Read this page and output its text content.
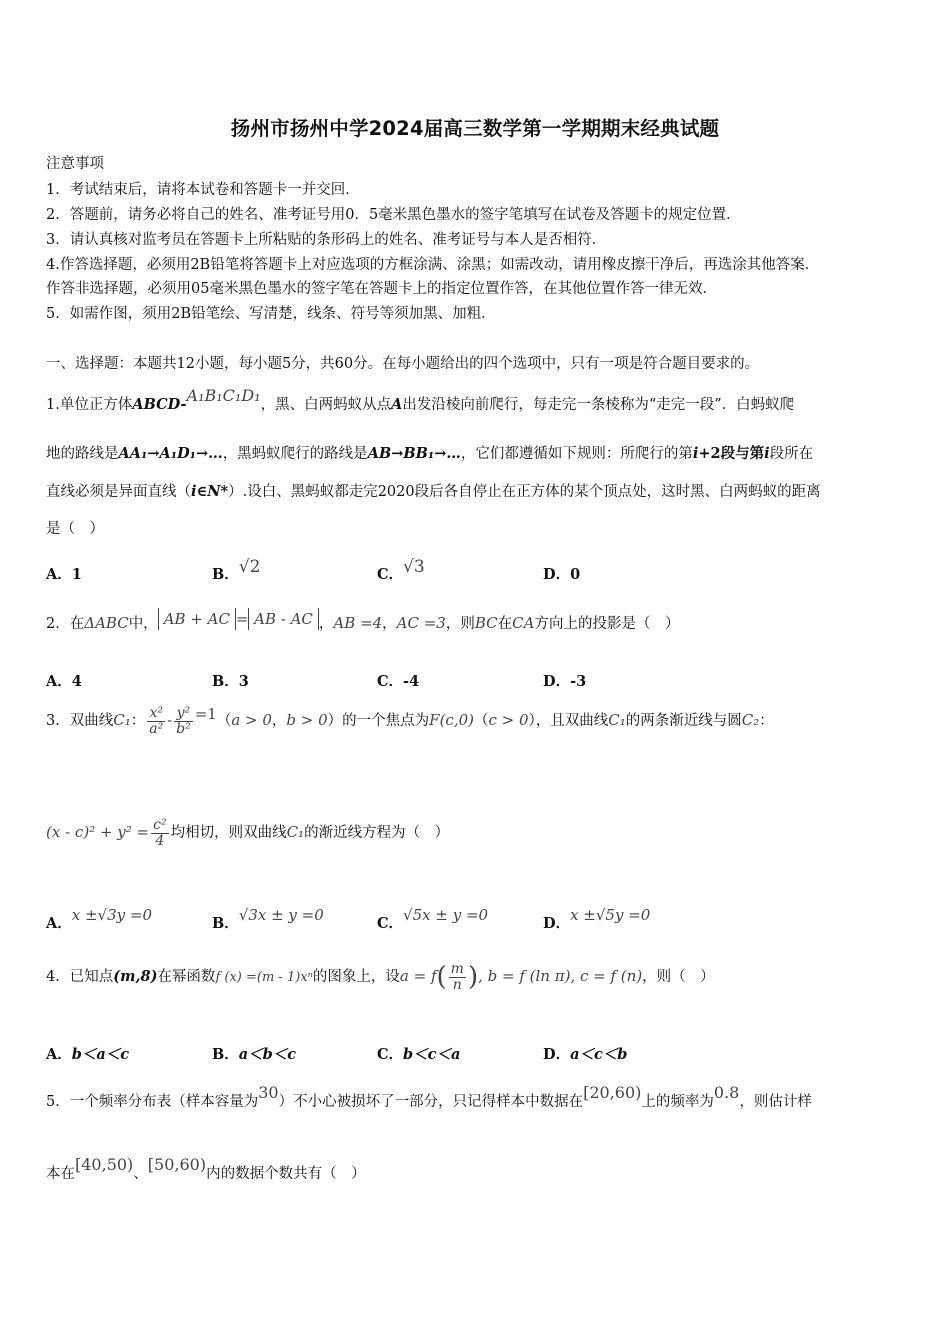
扬州市扬州中学2024届高三数学第一学期期末经典试题
注意事项
1．考试结束后，请将本试卷和答题卡一并交回．
2．答题前，请务必将自己的姓名、准考证号用0．5毫米黑色墨水的签字笔填写在试卷及答题卡的规定位置．
3．请认真核对监考员在答题卡上所粘贴的条形码上的姓名、准考证号与本人是否相符．
4.作答选择题，必须用2B铅笔将答题卡上对应选项的方框涂满、涂黑；如需改动，请用橡皮擦干净后，再选涂其他答案．
作答非选择题，必须用05毫米黑色墨水的签字笔在答题卡上的指定位置作答，在其他位置作答一律无效．
5．如需作图，须用2B铅笔绘、写清楚，线条、符号等须加黑、加粗．
一、选择题：本题共12小题，每小题5分，共60分。在每小题给出的四个选项中，只有一项是符合题目要求的。
1.单位正方体ABCD-A₁B₁C₁D₁，黑、白两蚂蚁从点A出发沿棱向前爬行，每走完一条棱称为“走完一段”．白蚂蚁爬
地的路线是AA₁→A₁D₁→…，黑蚂蚁爬行的路线是AB→BB₁→…，它们都遵循如下规则：所爬行的第i+2段与第i段所在
直线必须是异面直线（i∈N*）.设白、黑蚂蚁都走完2020段后各自停止在正方体的某个顶点处，这时黑、白两蚂蚁的距离
是（　）
A．1	B．√2	C．√3	D．0
2．在ΔABC中， AB + AC = AB - AC ，AB =4，AC =3，则BC在CA方向上的投影是（　）
A．4	B．3	C．-4	D．-3
3．双曲线C₁： $\frac{\text{x²}}{\text{a²}} - \frac{\text{y²}}{\text{b²}} =1(a > 0$，b > 0）的一个焦点为F(c,0)（c > 0），且双曲线C₁的两条渐近线与圆C₂：
$(x - c)^2 + y^2 = \frac{\text{c²}}{4}$ 均相切，则双曲线C₁的渐近线方程为（　）
A．x ±√3y =0	B．√3x ± y =0	C．√5x ± y =0	D．x ±√5y =0
4．已知点(m,8)在幂函数f (x) =(m - 1)xⁿ的图象上，设$a = f( \frac{m}{n}$ ), b = f (ln π), c = f (n)，则（　）
A．b＜a＜c	B．a＜b＜c	C．b＜c＜a	D．a＜c＜b
5．一个频率分布表（样本容量为30）不小心被损坏了一部分，只记得样本中数据在[20,60)上的频率为0.8，则估计样
本在[40,50)、[50,60)内的数据个数共有（　）
